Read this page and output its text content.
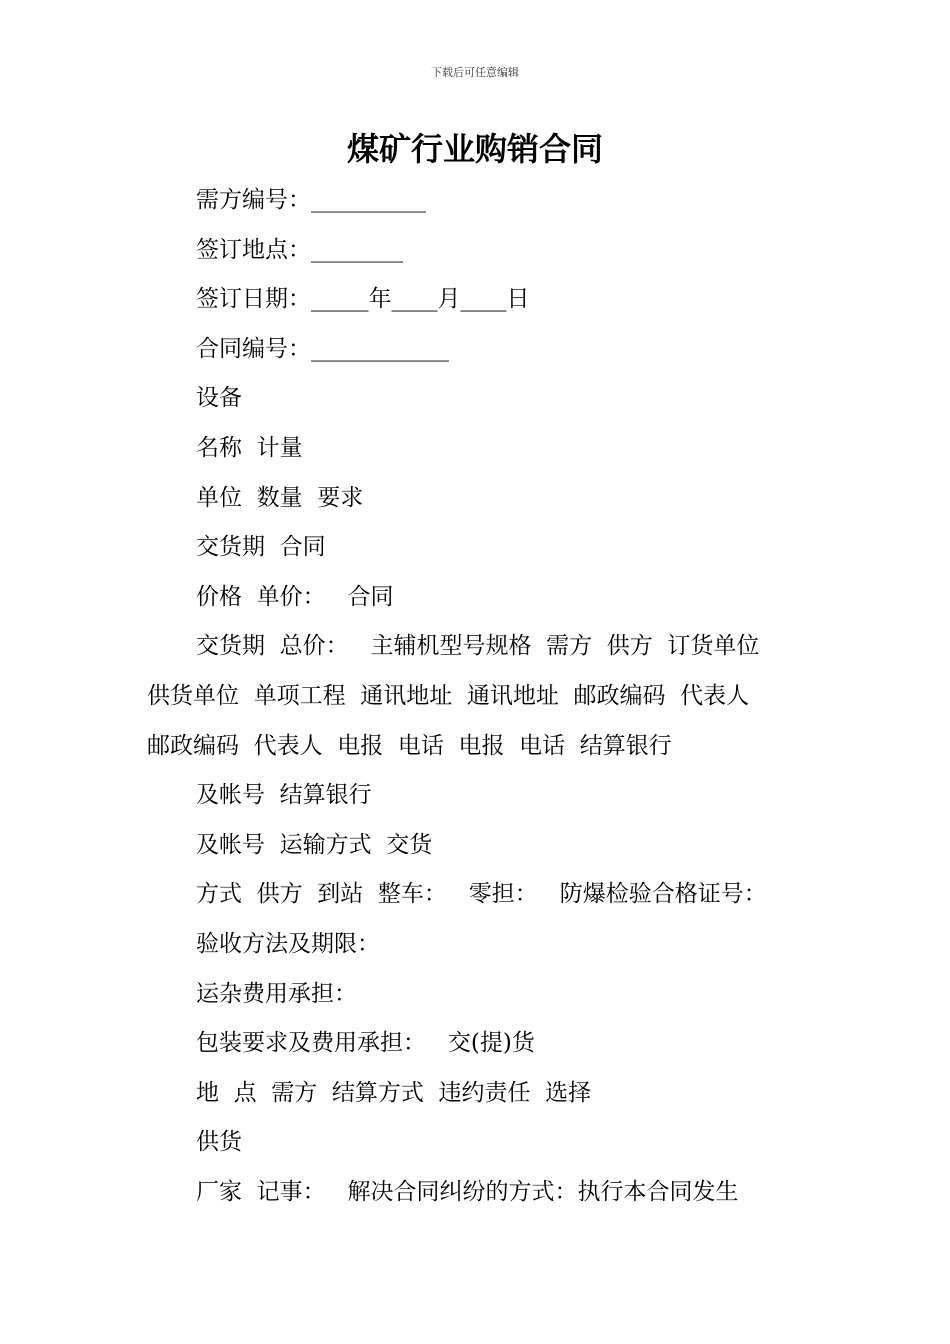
下载后可任意编辑
煤矿行业购销合同
需方编号：__________
签订地点：________
签订日期：_____年____月____日
合同编号：____________
设备
名称  计量
单位  数量  要求
交货期  合同
价格  单价：   合同
交货期  总价：   主辅机型号规格  需方  供方  订货单位
供货单位  单项工程  通讯地址  通讯地址  邮政编码  代表人
邮政编码  代表人  电报  电话  电报  电话  结算银行
及帐号  结算银行
及帐号  运输方式  交货
方式  供方  到站  整车：   零担：   防爆检验合格证号：
验收方法及期限：
运杂费用承担：
包装要求及费用承担：   交(提)货
地  点  需方  结算方式  违约责任  选择
供货
厂家  记事：   解决合同纠纷的方式：执行本合同发生
